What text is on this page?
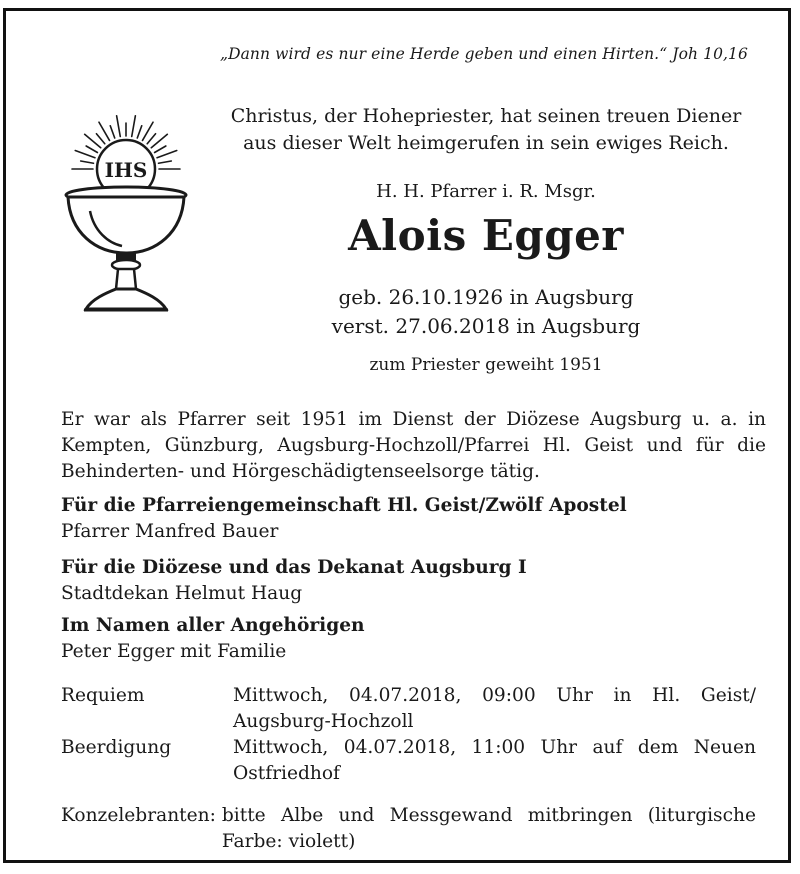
„Dann wird es nur eine Herde geben und einen Hirten.“ Joh 10,16
IHS
Christus, der Hohepriester, hat seinen treuen Diener
aus dieser Welt heimgerufen in sein ewiges Reich.
H. H. Pfarrer i. R. Msgr.
Alois Egger
geb. 26.10.1926 in Augsburg
verst. 27.06.2018 in Augsburg
zum Priester geweiht 1951
Er war als Pfarrer seit 1951 im Dienst der Diözese Augsburg u. a. in Kempten, Günzburg, Augsburg-Hochzoll/Pfarrei Hl. Geist und für die Behinderten- und Hörgeschädigtenseelsorge tätig.
Für die Pfarreiengemeinschaft Hl. Geist/Zwölf Apostel
Pfarrer Manfred Bauer
Für die Diözese und das Dekanat Augsburg I
Stadtdekan Helmut Haug
Im Namen aller Angehörigen
Peter Egger mit Familie
Requiem	Mittwoch, 04.07.2018, 09:00 Uhr in Hl. Geist/ Augsburg-Hochzoll
Beerdigung	Mittwoch, 04.07.2018, 11:00 Uhr auf dem Neuen Ostfriedhof
Konzelebranten: bitte Albe und Messgewand mitbringen (liturgische Farbe: violett)
